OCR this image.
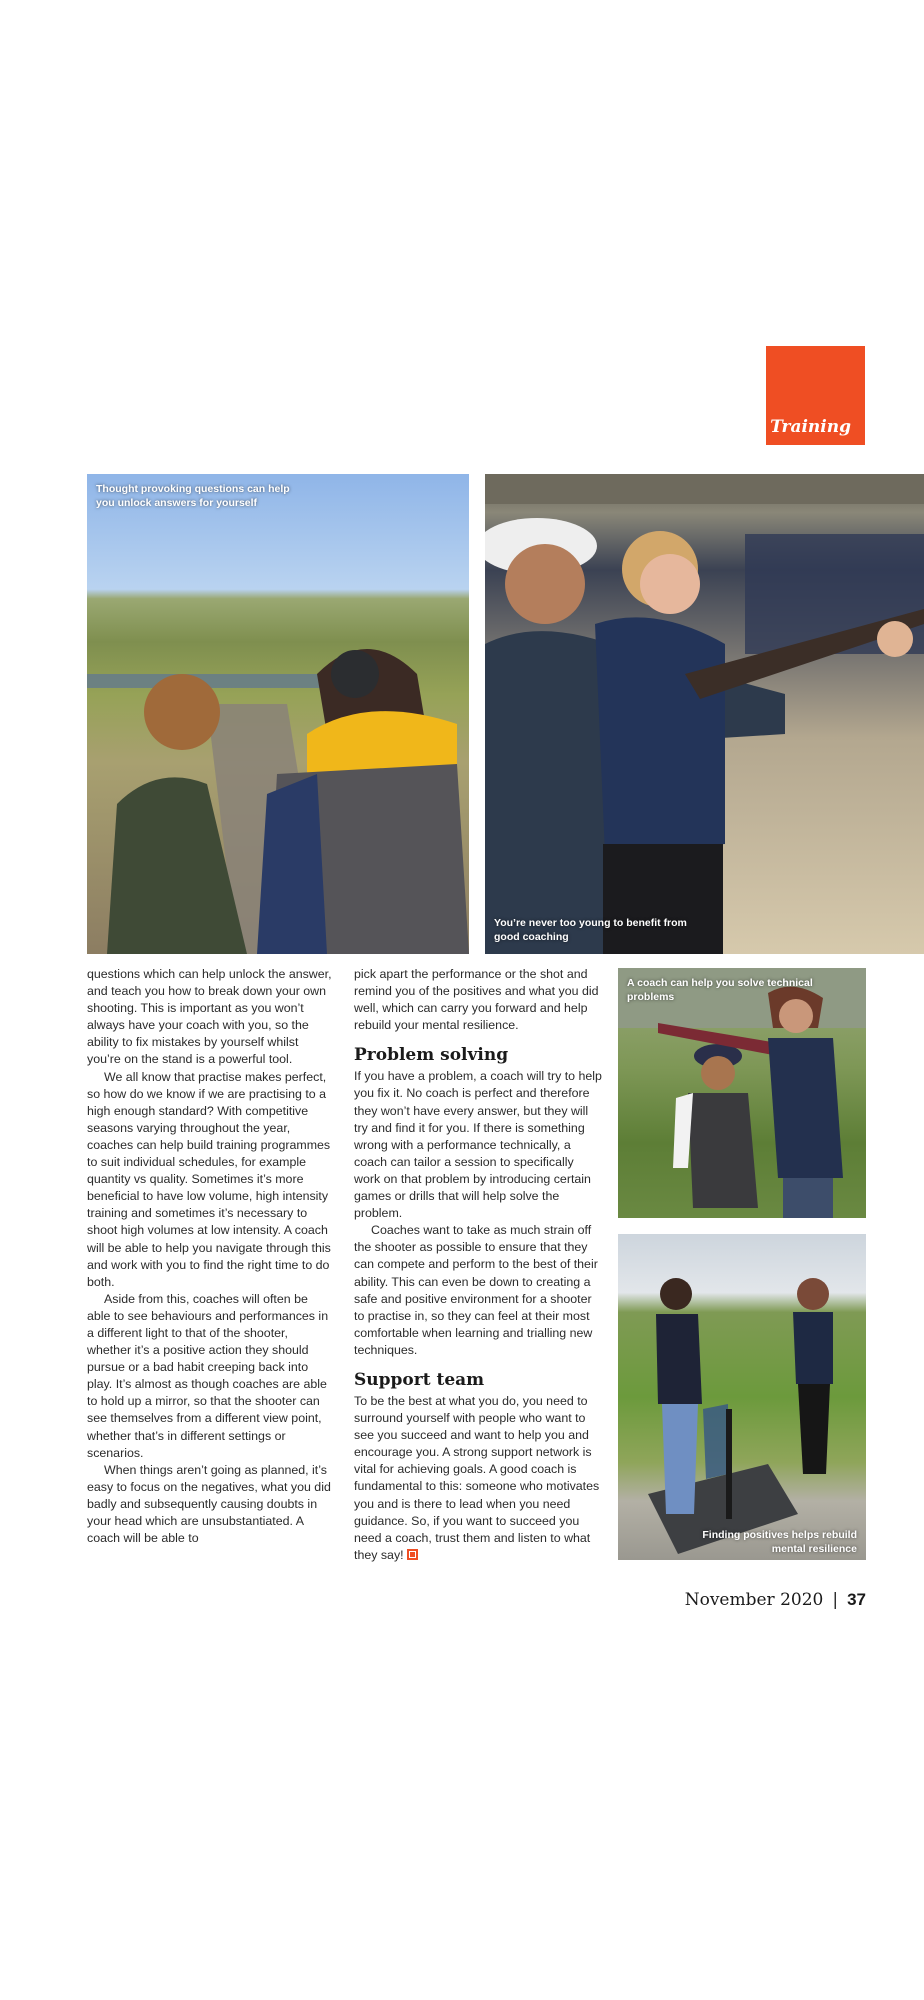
Training
Thought provoking questions can help you unlock answers for yourself
You’re never too young to benefit from good coaching

questions which can help unlock the answer, and teach you how to break down your own shooting. This is important as you won’t always have your coach with you, so the ability to fix mistakes by yourself whilst you’re on the stand is a powerful tool.

We all know that practise makes perfect, so how do we know if we are practising to a high enough standard? With competitive seasons varying throughout the year, coaches can help build training programmes to suit individual schedules, for example quantity vs quality. Sometimes it’s more beneficial to have low volume, high intensity training and sometimes it’s necessary to shoot high volumes at low intensity. A coach will be able to help you navigate through this and work with you to find the right time to do both.

Aside from this, coaches will often be able to see behaviours and performances in a different light to that of the shooter, whether it’s a positive action they should pursue or a bad habit creeping back into play. It’s almost as though coaches are able to hold up a mirror, so that the shooter can see themselves from a different view point, whether that’s in different settings or scenarios.

When things aren’t going as planned, it’s easy to focus on the negatives, what you did badly and subsequently causing doubts in your head which are unsubstantiated. A coach will be able to

pick apart the performance or the shot and remind you of the positives and what you did well, which can carry you forward and help rebuild your mental resilience.

Problem solving

If you have a problem, a coach will try to help you fix it. No coach is perfect and therefore they won’t have every answer, but they will try and find it for you. If there is something wrong with a performance technically, a coach can tailor a session to specifically work on that problem by introducing certain games or drills that will help solve the problem.

Coaches want to take as much strain off the shooter as possible to ensure that they can compete and perform to the best of their ability. This can even be down to creating a safe and positive environment for a shooter to practise in, so they can feel at their most comfortable when learning and trialling new techniques.

Support team

To be the best at what you do, you need to surround yourself with people who want to see you succeed and want to help you and encourage you. A strong support network is vital for achieving goals. A good coach is fundamental to this: someone who motivates you and is there to lead when you need guidance. So, if you want to succeed you need a coach, trust them and listen to what they say!

A coach can help you solve technical problems
Finding positives helps rebuild mental resilience
November 2020 | 37
